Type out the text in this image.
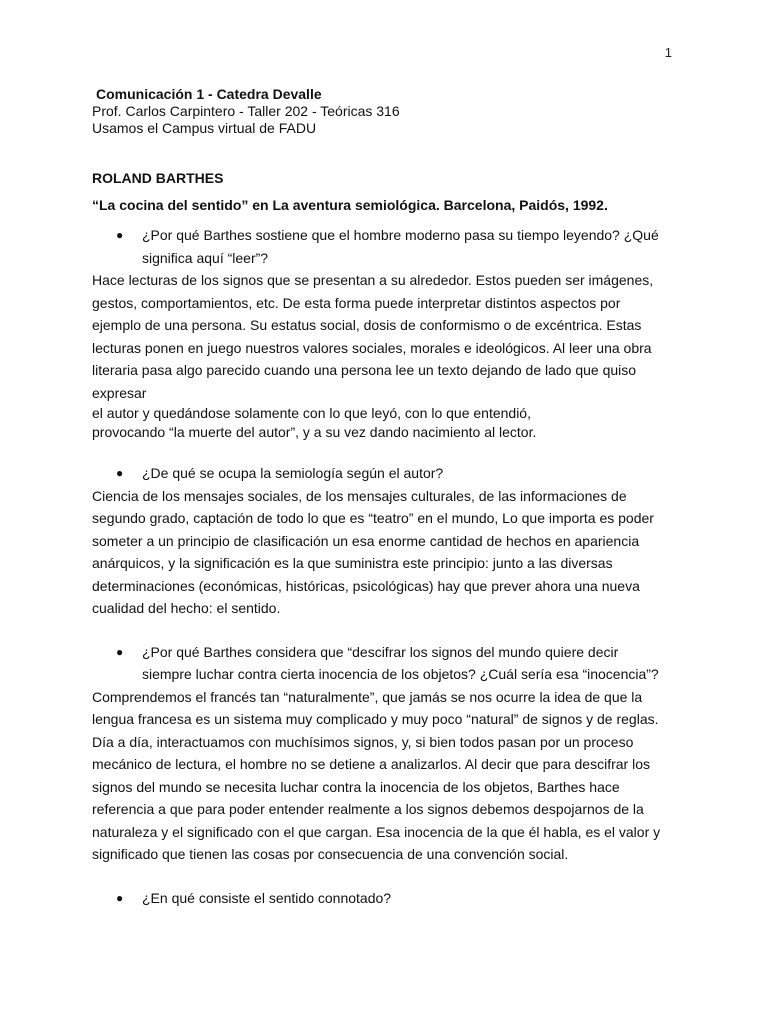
1
Comunicación 1 - Catedra Devalle
Prof. Carlos Carpintero - Taller 202 - Teóricas 316
Usamos el Campus virtual de FADU
ROLAND BARTHES
“La cocina del sentido” en La aventura semiológica. Barcelona, Paidós, 1992.
● ¿Por qué Barthes sostiene que el hombre moderno pasa su tiempo leyendo? ¿Qué
significa aquí “leer”?
Hace lecturas de los signos que se presentan a su alrededor. Estos pueden ser imágenes,
gestos, comportamientos, etc. De esta forma puede interpretar distintos aspectos por
ejemplo de una persona. Su estatus social, dosis de conformismo o de excéntrica. Estas
lecturas ponen en juego nuestros valores sociales, morales e ideológicos. Al leer una obra
literaria pasa algo parecido cuando una persona lee un texto dejando de lado que quiso
expresar
el autor y quedándose solamente con lo que leyó, con lo que entendió,
provocando “la muerte del autor”, y a su vez dando nacimiento al lector.
● ¿De qué se ocupa la semiología según el autor?
Ciencia de los mensajes sociales, de los mensajes culturales, de las informaciones de
segundo grado, captación de todo lo que es “teatro” en el mundo, Lo que importa es poder
someter a un principio de clasificación un esa enorme cantidad de hechos en apariencia
anárquicos, y la significación es la que suministra este principio: junto a las diversas
determinaciones (económicas, históricas, psicológicas) hay que prever ahora una nueva
cualidad del hecho: el sentido.
● ¿Por qué Barthes considera que “descifrar los signos del mundo quiere decir
siempre luchar contra cierta inocencia de los objetos? ¿Cuál sería esa “inocencia”?
Comprendemos el francés tan “naturalmente”, que jamás se nos ocurre la idea de que la
lengua francesa es un sistema muy complicado y muy poco “natural” de signos y de reglas.
Día a día, interactuamos con muchísimos signos, y, si bien todos pasan por un proceso
mecánico de lectura, el hombre no se detiene a analizarlos. Al decir que para descifrar los
signos del mundo se necesita luchar contra la inocencia de los objetos, Barthes hace
referencia a que para poder entender realmente a los signos debemos despojarnos de la
naturaleza y el significado con el que cargan. Esa inocencia de la que él habla, es el valor y
significado que tienen las cosas por consecuencia de una convención social.
● ¿En qué consiste el sentido connotado?
